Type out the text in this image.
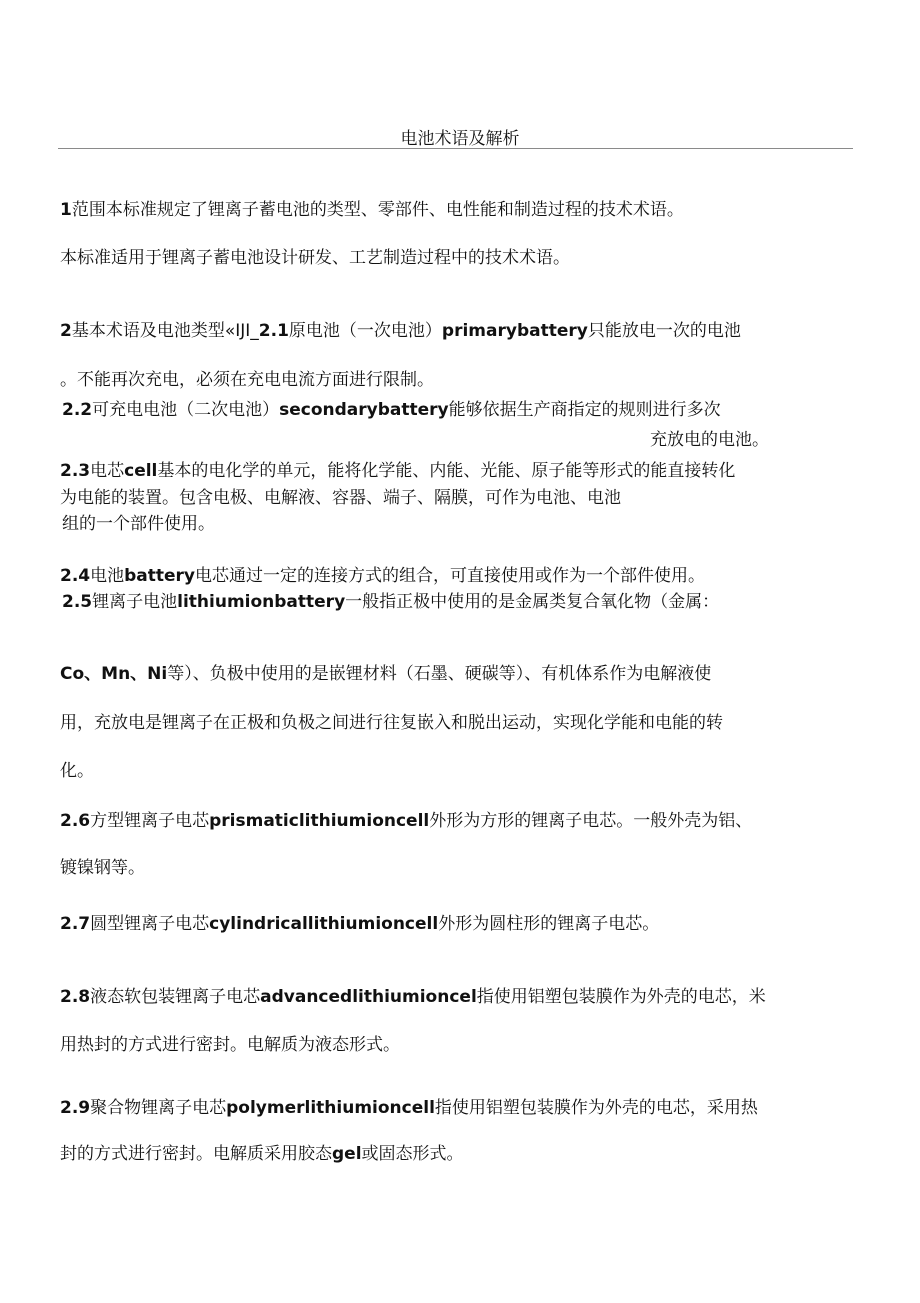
电池术语及解析
1范围本标准规定了锂离子蓄电池的类型、零部件、电性能和制造过程的技术术语。
本标准适用于锂离子蓄电池设计研发、工艺制造过程中的技术术语。
2基本术语及电池类型«IJI_2.1原电池（一次电池）primarybattery只能放电一次的电池
。不能再次充电，必须在充电电流方面进行限制。
2.2可充电电池（二次电池）secondarybattery能够依据生产商指定的规则进行多次
充放电的电池。
2.3电芯cell基本的电化学的单元，能将化学能、内能、光能、原子能等形式的能直接转化
为电能的装置。包含电极、电解液、容器、端子、隔膜，可作为电池、电池
组的一个部件使用。
2.4电池battery电芯通过一定的连接方式的组合，可直接使用或作为一个部件使用。
2.5锂离子电池lithiumionbattery一般指正极中使用的是金属类复合氧化物（金属：
Co、Mn、Ni等）、负极中使用的是嵌锂材料（石墨、硬碳等）、有机体系作为电解液使
用，充放电是锂离子在正极和负极之间进行往复嵌入和脱出运动，实现化学能和电能的转
化。
2.6方型锂离子电芯prismaticlithiumioncell外形为方形的锂离子电芯。一般外壳为铝、
镀镍钢等。
2.7圆型锂离子电芯cylindricallithiumioncell外形为圆柱形的锂离子电芯。
2.8液态软包装锂离子电芯advancedlithiumioncel指使用铝塑包装膜作为外壳的电芯，米
用热封的方式进行密封。电解质为液态形式。
2.9聚合物锂离子电芯polymerlithiumioncell指使用铝塑包装膜作为外壳的电芯，采用热
封的方式进行密封。电解质采用胶态gel或固态形式。
